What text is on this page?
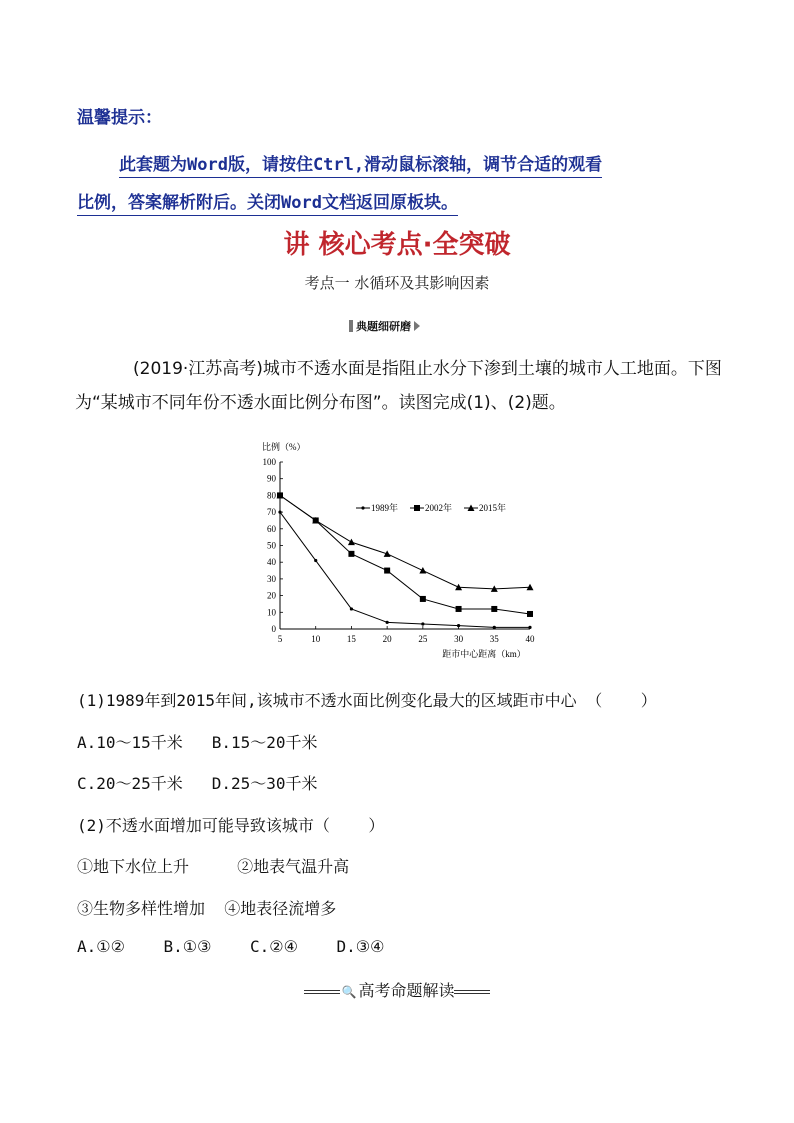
温馨提示：
此套题为Word版，请按住Ctrl,滑动鼠标滚轴，调节合适的观看
比例，答案解析附后。关闭Word文档返回原板块。
讲 核心考点·全突破
考点一 水循环及其影响因素
典题细研磨
(2019·江苏高考)城市不透水面是指阻止水分下渗到土壤的城市人工地面。下图为“某城市不同年份不透水面比例分布图”。读图完成(1)、(2)题。
0
10
20
30
40
50
60
70
80
90
100
5	10	15	20	25	30	35	40
比例（%）
距市中心距离（km）
1989年	2002年	2015年
(1)1989年到2015年间,该城市不透水面比例变化最大的区域距市中心 （    ）
A.10～15千米   B.15～20千米
C.20～25千米   D.25～30千米
(2)不透水面增加可能导致该城市（    ）
①地下水位上升     ②地表气温升高
③生物多样性增加  ④地表径流增多
A.①②    B.①③    C.②④    D.③④
🔍 高考命题解读
